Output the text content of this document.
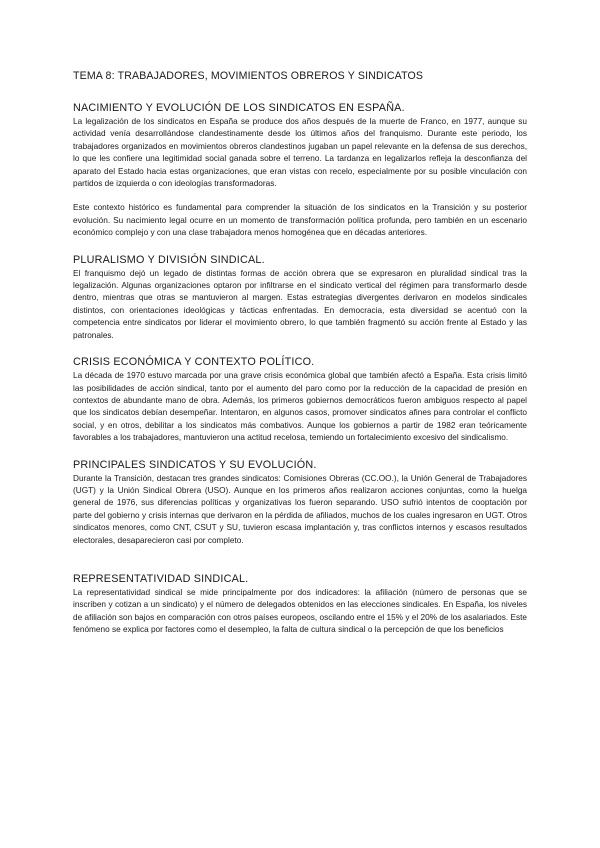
TEMA 8: TRABAJADORES, MOVIMIENTOS OBREROS Y SINDICATOS
NACIMIENTO Y EVOLUCIÓN DE LOS SINDICATOS EN ESPAÑA.

La legalización de los sindicatos en España se produce dos años después de la muerte de Franco, en 1977, aunque su actividad venía desarrollándose clandestinamente desde los últimos años del franquismo. Durante este periodo, los trabajadores organizados en movimientos obreros clandestinos jugaban un papel relevante en la defensa de sus derechos, lo que les confiere una legitimidad social ganada sobre el terreno. La tardanza en legalizarlos refleja la desconfianza del aparato del Estado hacia estas organizaciones, que eran vistas con recelo, especialmente por su posible vinculación con partidos de izquierda o con ideologías transformadoras.

Este contexto histórico es fundamental para comprender la situación de los sindicatos en la Transición y su posterior evolución. Su nacimiento legal ocurre en un momento de transformación política profunda, pero también en un escenario económico complejo y con una clase trabajadora menos homogénea que en décadas anteriores.

PLURALISMO Y DIVISIÓN SINDICAL.

El franquismo dejó un legado de distintas formas de acción obrera que se expresaron en pluralidad sindical tras la legalización. Algunas organizaciones optaron por infiltrarse en el sindicato vertical del régimen para transformarlo desde dentro, mientras que otras se mantuvieron al margen. Estas estrategias divergentes derivaron en modelos sindicales distintos, con orientaciones ideológicas y tácticas enfrentadas. En democracia, esta diversidad se acentuó con la competencia entre sindicatos por liderar el movimiento obrero, lo que también fragmentó su acción frente al Estado y las patronales.

CRISIS ECONÓMICA Y CONTEXTO POLÍTICO.

La década de 1970 estuvo marcada por una grave crisis económica global que también afectó a España. Esta crisis limitó las posibilidades de acción sindical, tanto por el aumento del paro como por la reducción de la capacidad de presión en contextos de abundante mano de obra. Además, los primeros gobiernos democráticos fueron ambiguos respecto al papel que los sindicatos debían desempeñar. Intentaron, en algunos casos, promover sindicatos afines para controlar el conflicto social, y en otros, debilitar a los sindicatos más combativos. Aunque los gobiernos a partir de 1982 eran teóricamente favorables a los trabajadores, mantuvieron una actitud recelosa, temiendo un fortalecimiento excesivo del sindicalismo.

PRINCIPALES SINDICATOS Y SU EVOLUCIÓN.

Durante la Transición, destacan tres grandes sindicatos: Comisiones Obreras (CC.OO.), la Unión General de Trabajadores (UGT) y la Unión Sindical Obrera (USO). Aunque en los primeros años realizaron acciones conjuntas, como la huelga general de 1976, sus diferencias políticas y organizativas los fueron separando. USO sufrió intentos de cooptación por parte del gobierno y crisis internas que derivaron en la pérdida de afiliados, muchos de los cuales ingresaron en UGT. Otros sindicatos menores, como CNT, CSUT y SU, tuvieron escasa implantación y, tras conflictos internos y escasos resultados electorales, desaparecieron casi por completo.

REPRESENTATIVIDAD SINDICAL.

La representatividad sindical se mide principalmente por dos indicadores: la afiliación (número de personas que se inscriben y cotizan a un sindicato) y el número de delegados obtenidos en las elecciones sindicales. En España, los niveles de afiliación son bajos en comparación con otros países europeos, oscilando entre el 15% y el 20% de los asalariados. Este fenómeno se explica por factores como el desempleo, la falta de cultura sindical o la percepción de que los beneficios
